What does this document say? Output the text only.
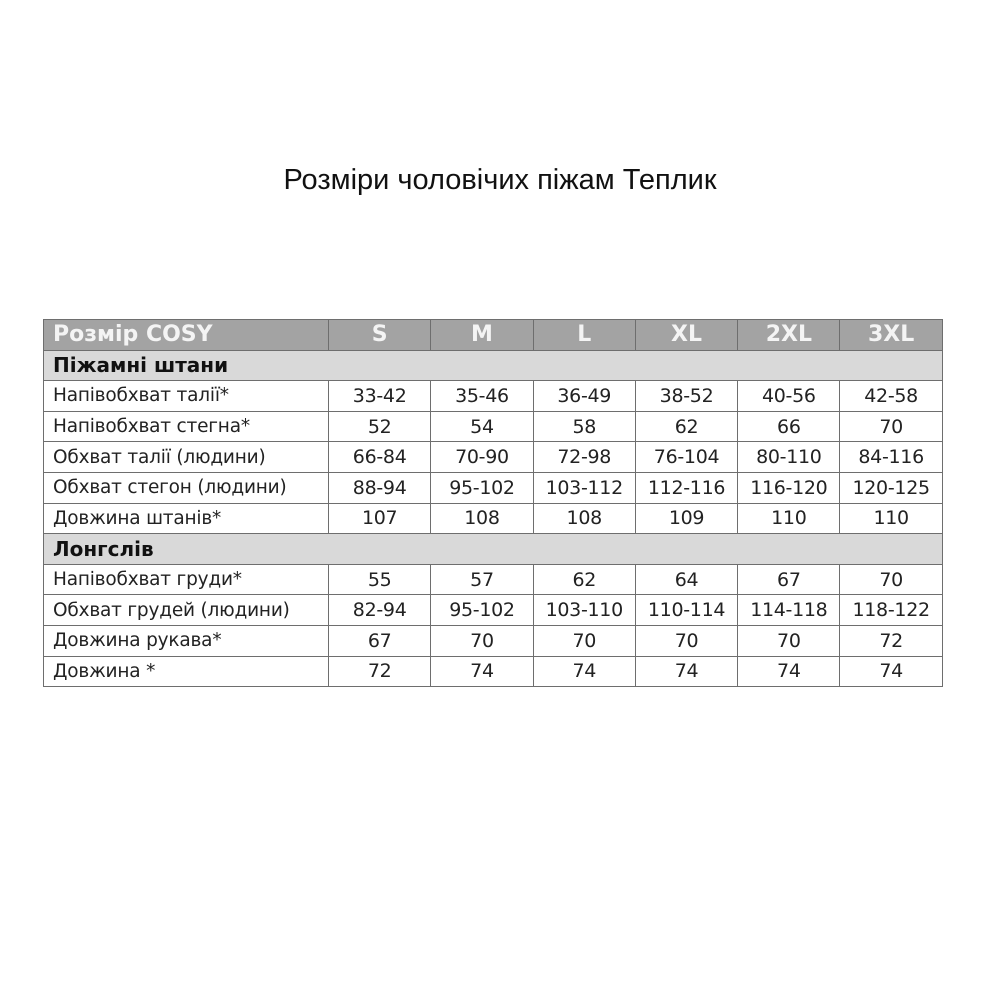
Розміри чоловічих піжам Теплик
Розмір COSY	S	M	L	XL	2XL	3XL
Піжамні штани						
Напівобхват талії*	33-42	35-46	36-49	38-52	40-56	42-58
Напівобхват стегна*	52	54	58	62	66	70
Обхват талії (людини)	66-84	70-90	72-98	76-104	80-110	84-116
Обхват стегон (людини)	88-94	95-102	103-112	112-116	116-120	120-125
Довжина штанів*	107	108	108	109	110	110
Лонгслів						
Напівобхват груди*	55	57	62	64	67	70
Обхват грудей (людини)	82-94	95-102	103-110	110-114	114-118	118-122
Довжина рукава*	67	70	70	70	70	72
Довжина *	72	74	74	74	74	74
